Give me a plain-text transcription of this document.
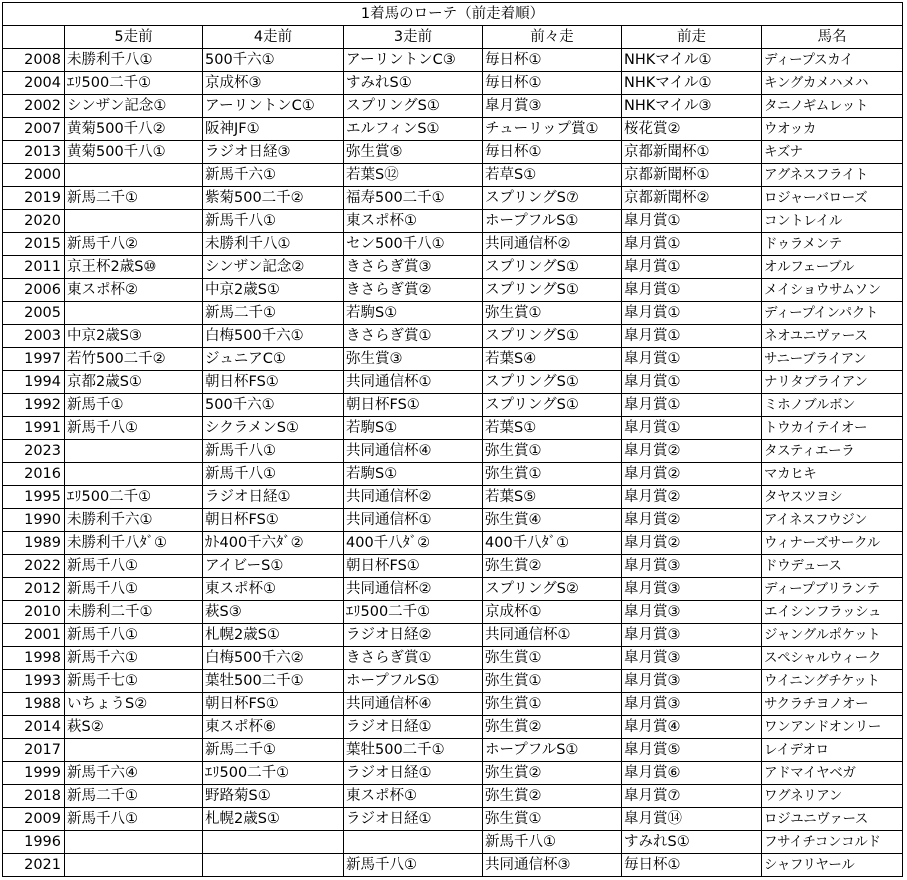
1着馬のローテ（前走着順）						
	5走前	4走前	3走前	前々走	前走	馬名
2008	未勝利千八①	500千六①	アーリントンC③	毎日杯①	NHKマイル①	ディープスカイ
2004	ｴﾘ500二千①	京成杯③	すみれS①	毎日杯①	NHKマイル①	キングカメハメハ
2002	シンザン記念①	アーリントンC①	スプリングS①	皐月賞③	NHKマイル③	タニノギムレット
2007	黄菊500千八②	阪神JF①	エルフィンS①	チューリップ賞①	桜花賞②	ウオッカ
2013	黄菊500千八①	ラジオ日経③	弥生賞⑤	毎日杯①	京都新聞杯①	キズナ
2000		新馬千六①	若葉S⑫	若草S①	京都新聞杯①	アグネスフライト
2019	新馬二千①	紫菊500二千②	福寿500二千①	スプリングS⑦	京都新聞杯②	ロジャーバローズ
2020		新馬千八①	東スポ杯①	ホープフルS①	皐月賞①	コントレイル
2015	新馬千八②	未勝利千八①	セン500千八①	共同通信杯②	皐月賞①	ドゥラメンテ
2011	京王杯2歳S⑩	シンザン記念②	きさらぎ賞③	スプリングS①	皐月賞①	オルフェーブル
2006	東スポ杯②	中京2歳S①	きさらぎ賞②	スプリングS①	皐月賞①	メイショウサムソン
2005		新馬二千①	若駒S①	弥生賞①	皐月賞①	ディープインパクト
2003	中京2歳S③	白梅500千六①	きさらぎ賞①	スプリングS①	皐月賞①	ネオユニヴァース
1997	若竹500二千②	ジュニアC①	弥生賞③	若葉S④	皐月賞①	サニーブライアン
1994	京都2歳S①	朝日杯FS①	共同通信杯①	スプリングS①	皐月賞①	ナリタブライアン
1992	新馬千①	500千六①	朝日杯FS①	スプリングS①	皐月賞①	ミホノブルボン
1991	新馬千八①	シクラメンS①	若駒S①	若葉S①	皐月賞①	トウカイテイオー
2023		新馬千八①	共同通信杯④	弥生賞①	皐月賞②	タスティエーラ
2016		新馬千八①	若駒S①	弥生賞①	皐月賞②	マカヒキ
1995	ｴﾘ500二千①	ラジオ日経①	共同通信杯②	若葉S⑤	皐月賞②	タヤスツヨシ
1990	未勝利千六①	朝日杯FS①	共同通信杯①	弥生賞④	皐月賞②	アイネスフウジン
1989	未勝利千八ﾀﾞ①	ｶﾄ400千六ﾀﾞ②	400千八ﾀﾞ②	400千八ﾀﾞ①	皐月賞②	ウィナーズサークル
2022	新馬千八①	アイビーS①	朝日杯FS①	弥生賞②	皐月賞③	ドウデュース
2012	新馬千八①	東スポ杯①	共同通信杯②	スプリングS②	皐月賞③	ディープブリランテ
2010	未勝利二千①	萩S③	ｴﾘ500二千①	京成杯①	皐月賞③	エイシンフラッシュ
2001	新馬千八①	札幌2歳S①	ラジオ日経②	共同通信杯①	皐月賞③	ジャングルポケット
1998	新馬千六①	白梅500千六②	きさらぎ賞①	弥生賞①	皐月賞③	スペシャルウィーク
1993	新馬千七①	葉牡500二千①	ホープフルS①	弥生賞①	皐月賞③	ウイニングチケット
1988	いちょうS②	朝日杯FS①	共同通信杯④	弥生賞①	皐月賞③	サクラチヨノオー
2014	萩S②	東スポ杯⑥	ラジオ日経①	弥生賞②	皐月賞④	ワンアンドオンリー
2017		新馬二千①	葉牡500二千①	ホープフルS①	皐月賞⑤	レイデオロ
1999	新馬千六④	ｴﾘ500二千①	ラジオ日経①	弥生賞②	皐月賞⑥	アドマイヤベガ
2018	新馬二千①	野路菊S①	東スポ杯①	弥生賞②	皐月賞⑦	ワグネリアン
2009	新馬千八①	札幌2歳S①	ラジオ日経①	弥生賞①	皐月賞⑭	ロジユニヴァース
1996				新馬千八①	すみれS①	フサイチコンコルド
2021			新馬千八①	共同通信杯③	毎日杯①	シャフリヤール
